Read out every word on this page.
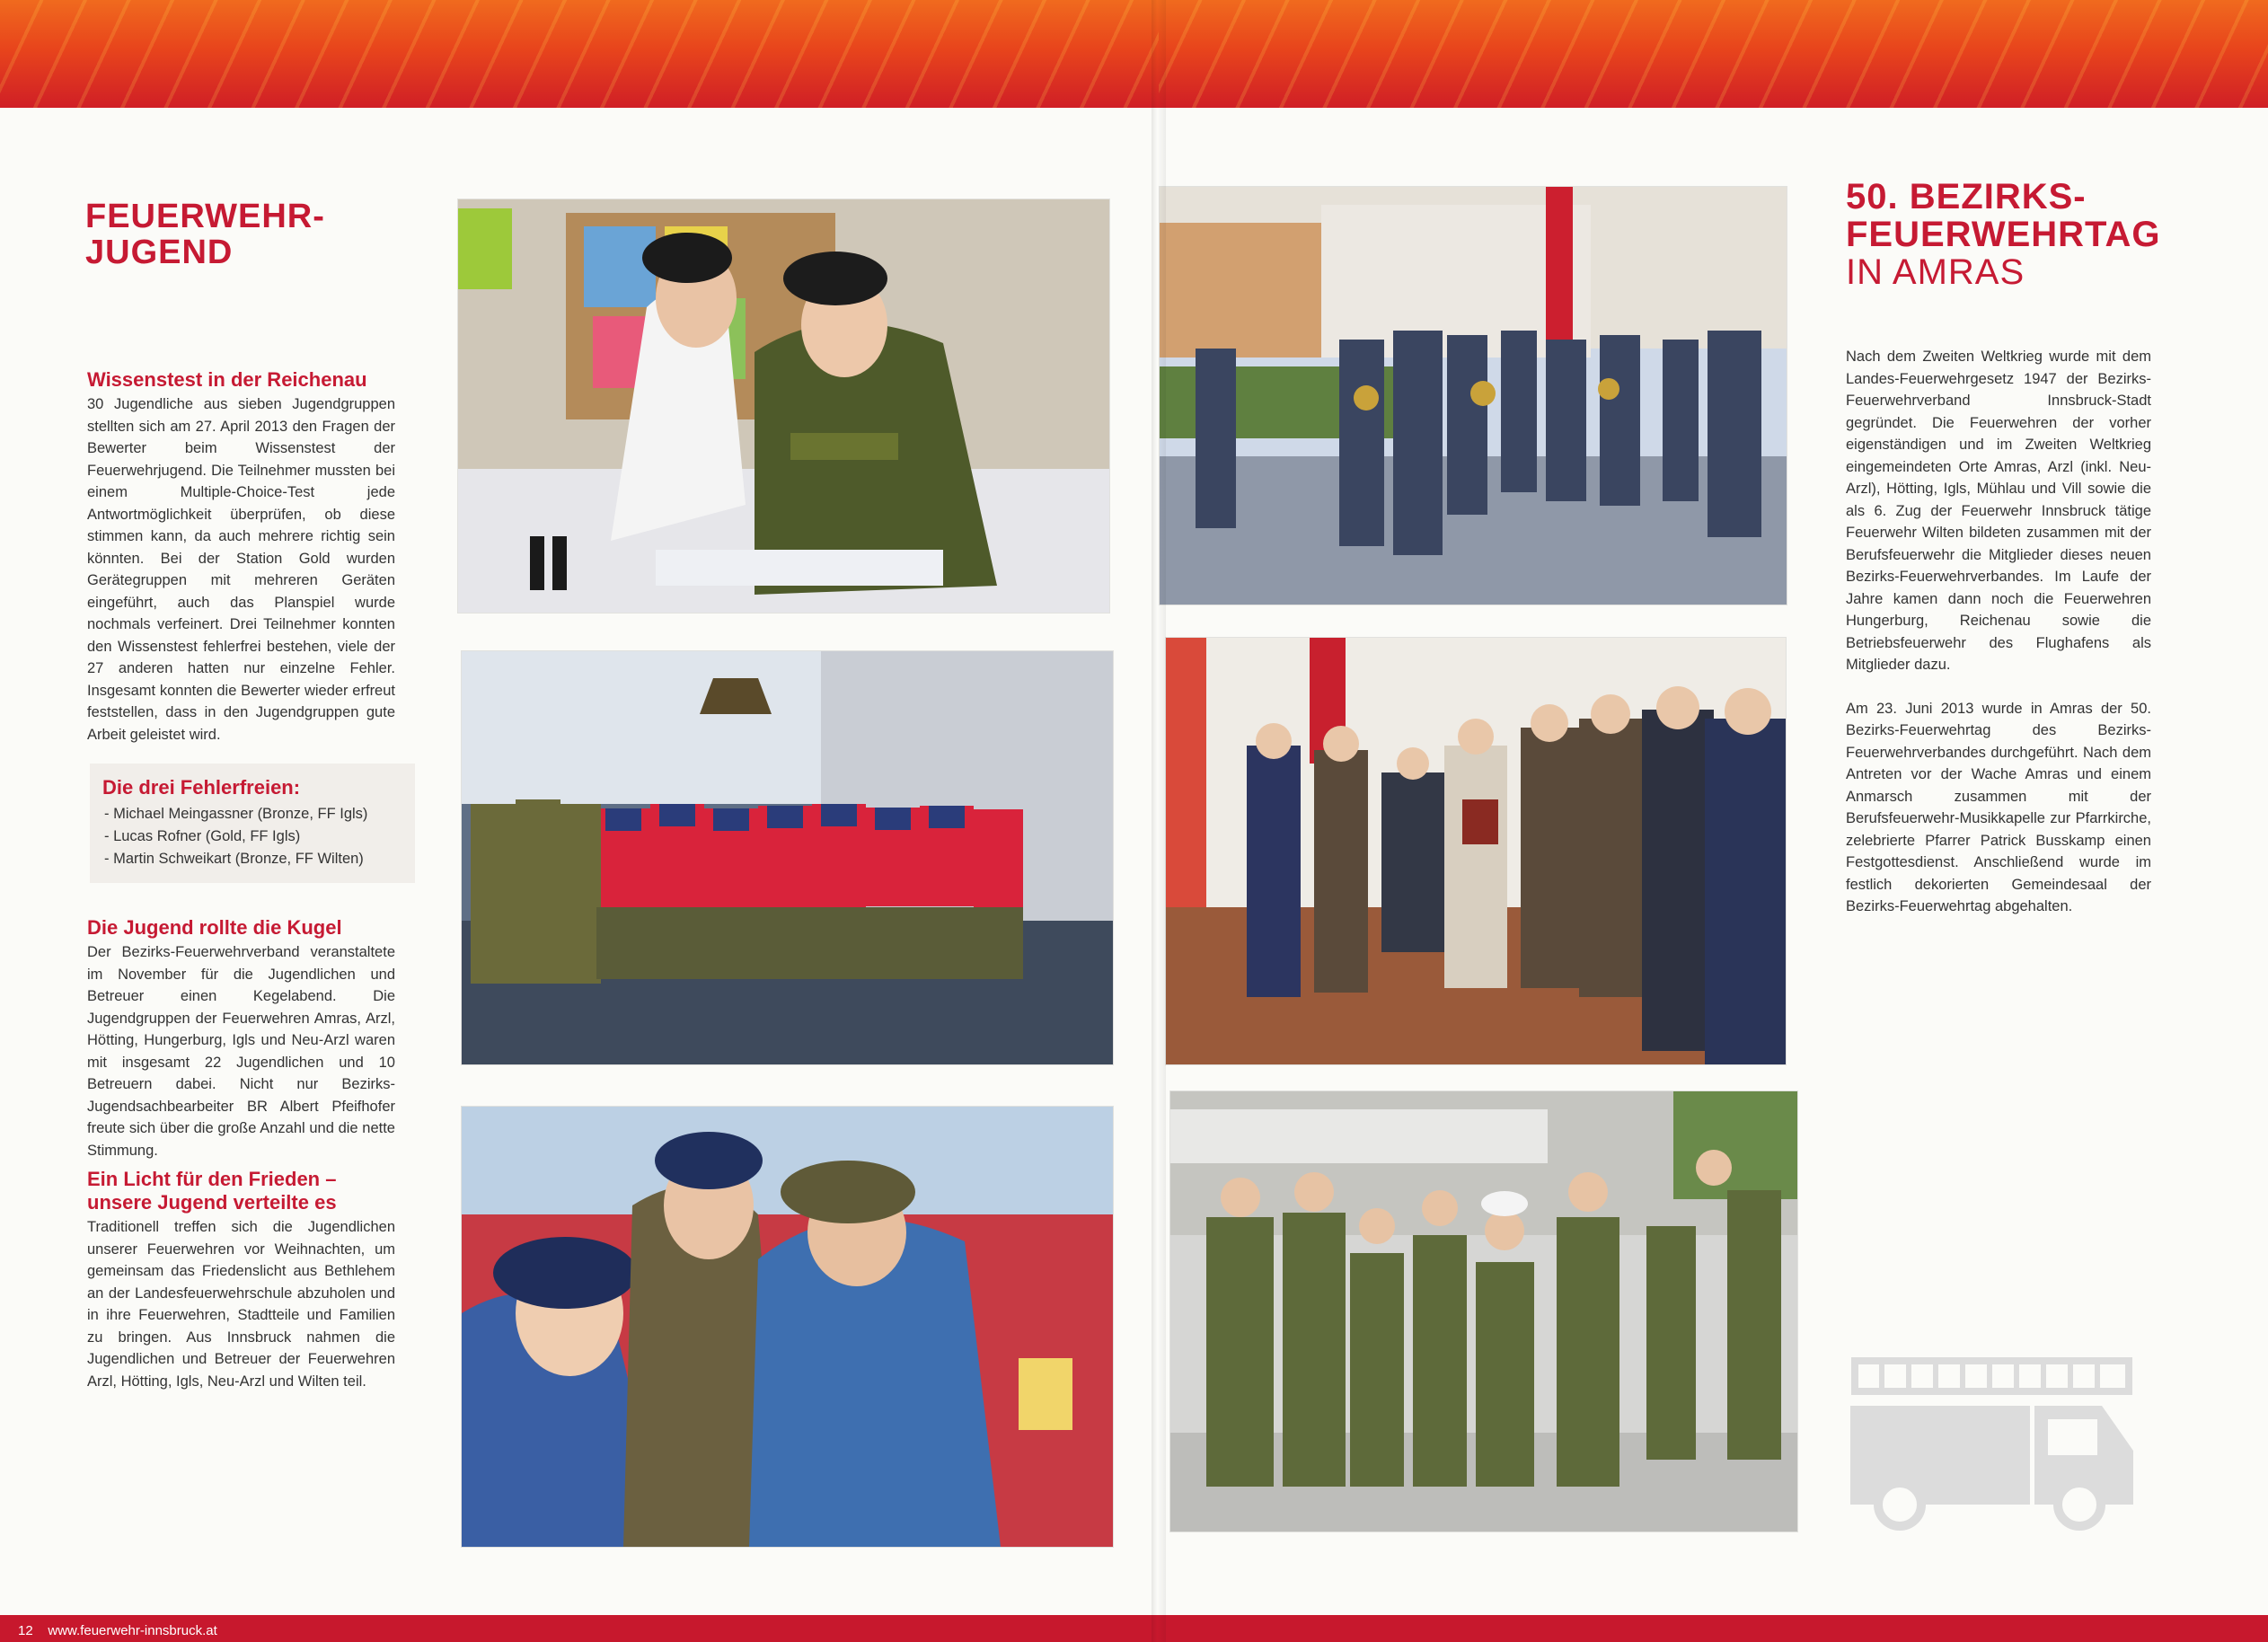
FEUERWEHR-
JUGEND
Wissenstest in der Reichenau

30 Jugendliche aus sieben Jugendgruppen stellten sich am 27. April 2013 den Fragen der Bewerter beim Wissenstest der Feuerwehrjugend. Die Teilnehmer mussten bei einem Multiple-Choice-Test jede Antwortmöglichkeit überprüfen, ob diese stimmen kann, da auch mehrere richtig sein könnten. Bei der Station Gold wurden Gerätegruppen mit mehreren Geräten eingeführt, auch das Planspiel wurde nochmals verfeinert. Drei Teilnehmer konnten den Wissenstest fehlerfrei bestehen, viele der 27 anderen hatten nur einzelne Fehler. Insgesamt konnten die Bewerter wieder erfreut feststellen, dass in den Jugendgruppen gute Arbeit geleistet wird.

Die drei Fehlerfreien:
- Michael Meingassner (Bronze, FF Igls)
- Lucas Rofner (Gold, FF Igls)
- Martin Schweikart (Bronze, FF Wilten)
Die Jugend rollte die Kugel

Der Bezirks-Feuerwehrverband veranstaltete im November für die Jugendlichen und Betreuer einen Kegelabend. Die Jugendgruppen der Feuerwehren Amras, Arzl, Hötting, Hungerburg, Igls und Neu-Arzl waren mit insgesamt 22 Jugendlichen und 10 Betreuern dabei. Nicht nur Bezirks-Jugendsachbearbeiter BR Albert Pfeifhofer freute sich über die große Anzahl und die nette Stimmung.

Ein Licht für den Frieden –
unsere Jugend verteilte es

Traditionell treffen sich die Jugendlichen unserer Feuerwehren vor Weihnachten, um gemeinsam das Friedenslicht aus Bethlehem an der Landesfeuerwehrschule abzuholen und in ihre Feuerwehren, Stadtteile und Familien zu bringen. Aus Innsbruck nahmen die Jugendlichen und Betreuer der Feuerwehren Arzl, Hötting, Igls, Neu-Arzl und Wilten teil.

12 www.feuerwehr-innsbruck.at
50. BEZIRKS-
FEUERWEHRTAG
IN AMRAS

Nach dem Zweiten Weltkrieg wurde mit dem Landes-Feuerwehrgesetz 1947 der Bezirks-Feuerwehrverband Innsbruck-Stadt gegründet. Die Feuerwehren der vorher eigenständigen und im Zweiten Weltkrieg eingemeindeten Orte Amras, Arzl (inkl. Neu-Arzl), Hötting, Igls, Mühlau und Vill sowie die als 6. Zug der Feuerwehr Innsbruck tätige Feuerwehr Wilten bildeten zusammen mit der Berufsfeuerwehr die Mitglieder dieses neuen Bezirks-Feuerwehrverbandes. Im Laufe der Jahre kamen dann noch die Feuerwehren Hungerburg, Reichenau sowie die Betriebsfeuerwehr des Flughafens als Mitglieder dazu.

Am 23. Juni 2013 wurde in Amras der 50. Bezirks-Feuerwehrtag des Bezirks-Feuerwehrverbandes durchgeführt. Nach dem Antreten vor der Wache Amras und einem Anmarsch zusammen mit der Berufsfeuerwehr-Musikkapelle zur Pfarrkirche, zelebrierte Pfarrer Patrick Busskamp einen Festgottesdienst. Anschließend wurde im festlich dekorierten Gemeindesaal der Bezirks-Feuerwehrtag abgehalten.
